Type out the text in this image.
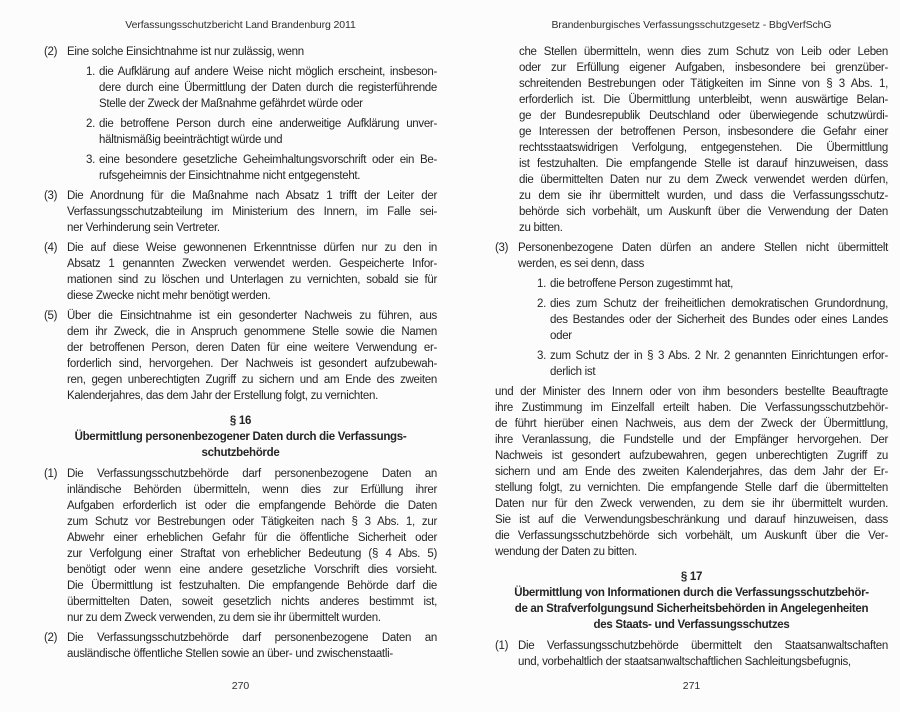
Verfassungsschutzbericht Land Brandenburg 2011
(2) Eine solche Einsichtnahme ist nur zulässig, wenn
1. die Aufklärung auf andere Weise nicht möglich erscheint, insbeson-
dere durch eine Übermittlung der Daten durch die registerführende
Stelle der Zweck der Maßnahme gefährdet würde oder
2. die betroffene Person durch eine anderweitige Aufklärung unver-
hältnismäßig beeinträchtigt würde und
3. eine besondere gesetzliche Geheimhaltungsvorschrift oder ein Be-
rufsgeheimnis der Einsichtnahme nicht entgegensteht.
(3) Die Anordnung für die Maßnahme nach Absatz 1 trifft der Leiter der
Verfassungsschutzabteilung im Ministerium des Innern, im Falle sei-
ner Verhinderung sein Vertreter.
(4) Die auf diese Weise gewonnenen Erkenntnisse dürfen nur zu den in
Absatz 1 genannten Zwecken verwendet werden. Gespeicherte Infor-
mationen sind zu löschen und Unterlagen zu vernichten, sobald sie für
diese Zwecke nicht mehr benötigt werden.
(5) Über die Einsichtnahme ist ein gesonderter Nachweis zu führen, aus
dem ihr Zweck, die in Anspruch genommene Stelle sowie die Namen
der betroffenen Person, deren Daten für eine weitere Verwendung er-
forderlich sind, hervorgehen. Der Nachweis ist gesondert aufzubewah-
ren, gegen unberechtigten Zugriff zu sichern und am Ende des zweiten
Kalenderjahres, das dem Jahr der Erstellung folgt, zu vernichten.
§ 16
Übermittlung personenbezogener Daten durch die Verfassungs-
schutzbehörde
(1) Die Verfassungsschutzbehörde darf personenbezogene Daten an
inländische Behörden übermitteln, wenn dies zur Erfüllung ihrer
Aufgaben erforderlich ist oder die empfangende Behörde die Daten
zum Schutz vor Bestrebungen oder Tätigkeiten nach § 3 Abs. 1, zur
Abwehr einer erheblichen Gefahr für die öffentliche Sicherheit oder
zur Verfolgung einer Straftat von erheblicher Bedeutung (§ 4 Abs. 5)
benötigt oder wenn eine andere gesetzliche Vorschrift dies vorsieht.
Die Übermittlung ist festzuhalten. Die empfangende Behörde darf die
übermittelten Daten, soweit gesetzlich nichts anderes bestimmt ist,
nur zu dem Zweck verwenden, zu dem sie ihr übermittelt wurden.
(2) Die Verfassungsschutzbehörde darf personenbezogene Daten an
ausländische öffentliche Stellen sowie an über- und zwischenstaatli-
270
Brandenburgisches Verfassungsschutzgesetz - BbgVerfSchG
che Stellen übermitteln, wenn dies zum Schutz von Leib oder Leben
oder zur Erfüllung eigener Aufgaben, insbesondere bei grenzüber-
schreitenden Bestrebungen oder Tätigkeiten im Sinne von § 3 Abs. 1,
erforderlich ist. Die Übermittlung unterbleibt, wenn auswärtige Belan-
ge der Bundesrepublik Deutschland oder überwiegende schutzwürdi-
ge Interessen der betroffenen Person, insbesondere die Gefahr einer
rechtsstaatswidrigen Verfolgung, entgegenstehen. Die Übermittlung
ist festzuhalten. Die empfangende Stelle ist darauf hinzuweisen, dass
die übermittelten Daten nur zu dem Zweck verwendet werden dürfen,
zu dem sie ihr übermittelt wurden, und dass die Verfassungsschutz-
behörde sich vorbehält, um Auskunft über die Verwendung der Daten
zu bitten.
(3) Personenbezogene Daten dürfen an andere Stellen nicht übermittelt
werden, es sei denn, dass
1. die betroffene Person zugestimmt hat,
2. dies zum Schutz der freiheitlichen demokratischen Grundordnung,
des Bestandes oder der Sicherheit des Bundes oder eines Landes
oder
3. zum Schutz der in § 3 Abs. 2 Nr. 2 genannten Einrichtungen erfor-
derlich ist
und der Minister des Innern oder von ihm besonders bestellte Beauftragte
ihre Zustimmung im Einzelfall erteilt haben. Die Verfassungsschutzbehör-
de führt hierüber einen Nachweis, aus dem der Zweck der Übermittlung,
ihre Veranlassung, die Fundstelle und der Empfänger hervorgehen. Der
Nachweis ist gesondert aufzubewahren, gegen unberechtigten Zugriff zu
sichern und am Ende des zweiten Kalenderjahres, das dem Jahr der Er-
stellung folgt, zu vernichten. Die empfangende Stelle darf die übermittelten
Daten nur für den Zweck verwenden, zu dem sie ihr übermittelt wurden.
Sie ist auf die Verwendungsbeschränkung und darauf hinzuweisen, dass
die Verfassungsschutzbehörde sich vorbehält, um Auskunft über die Ver-
wendung der Daten zu bitten.
§ 17
Übermittlung von Informationen durch die Verfassungsschutzbehör-
de an Strafverfolgungsund Sicherheitsbehörden in Angelegenheiten
des Staats- und Verfassungsschutzes
(1) Die Verfassungsschutzbehörde übermittelt den Staatsanwaltschaften
und, vorbehaltlich der staatsanwaltschaftlichen Sachleitungsbefugnis,
271
